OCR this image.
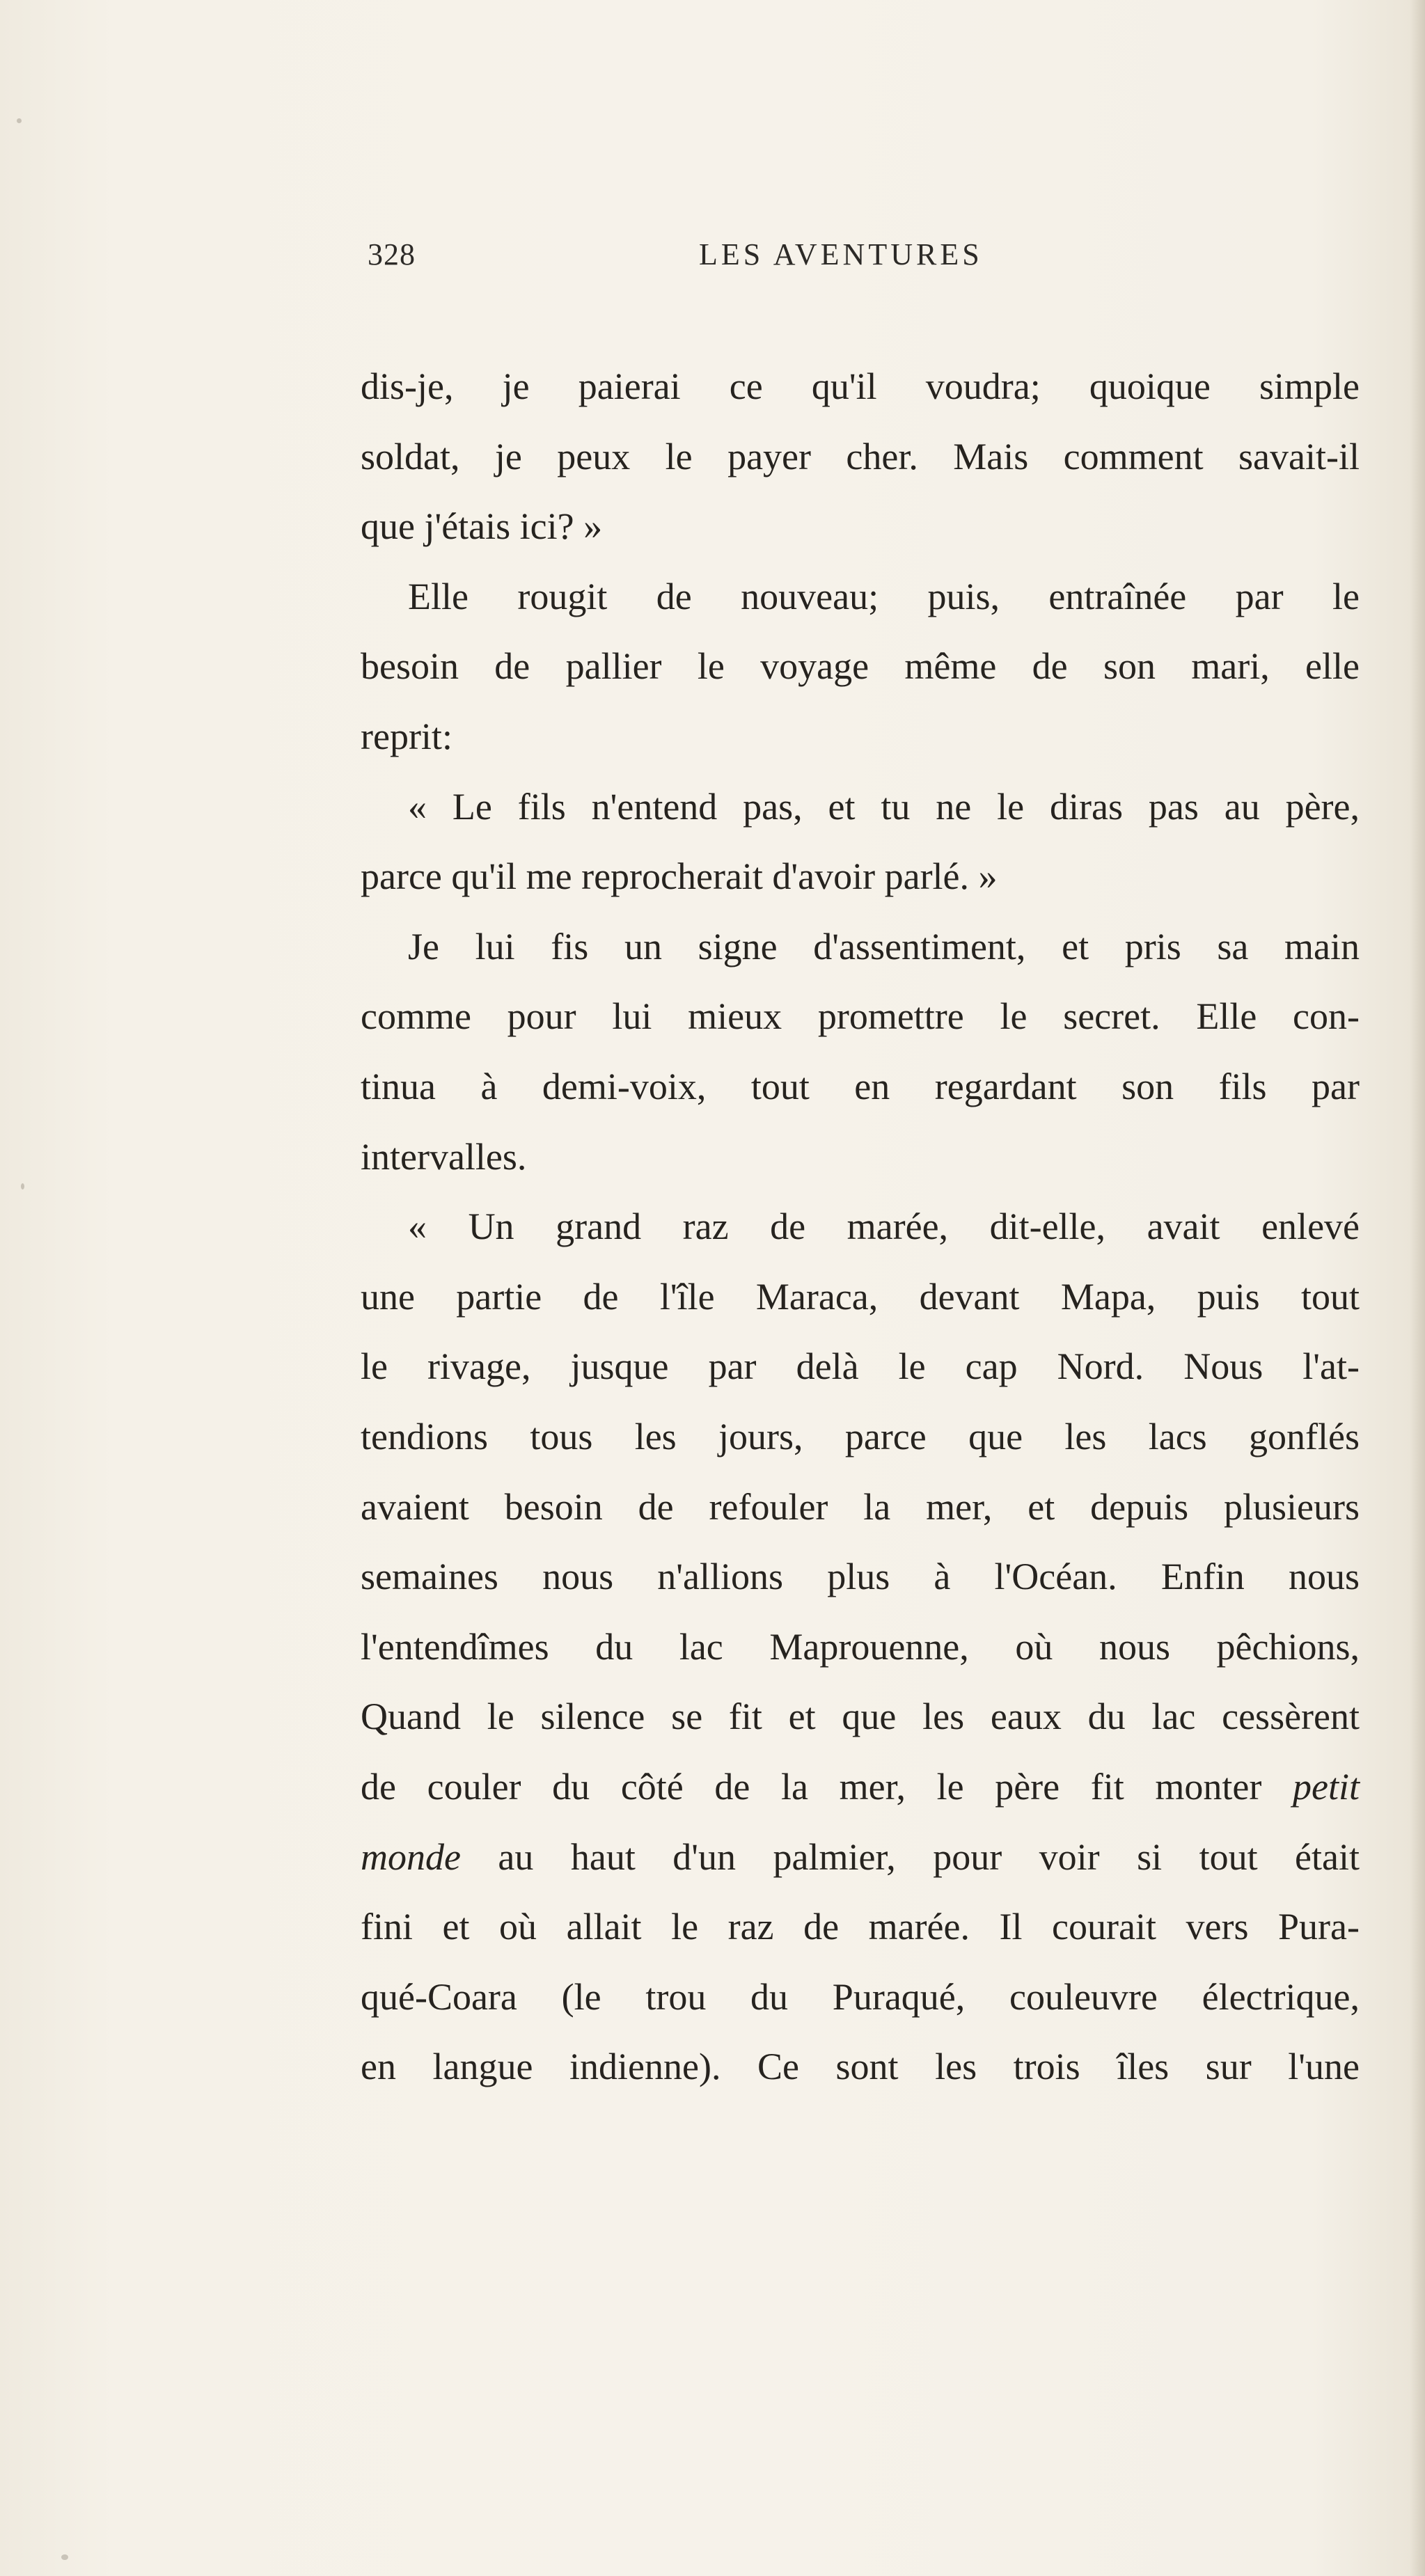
328	LES AVENTURES
dis-je, je paierai ce qu'il voudra; quoique simple
soldat, je peux le payer cher. Mais comment savait-il
que j'étais ici? »
Elle rougit de nouveau; puis, entraînée par le
besoin de pallier le voyage même de son mari, elle
reprit:
« Le fils n'entend pas, et tu ne le diras pas au père,
parce qu'il me reprocherait d'avoir parlé. »
Je lui fis un signe d'assentiment, et pris sa main
comme pour lui mieux promettre le secret. Elle con-
tinua à demi-voix, tout en regardant son fils par
intervalles.
« Un grand raz de marée, dit-elle, avait enlevé
une partie de l'île Maraca, devant Mapa, puis tout
le rivage, jusque par delà le cap Nord. Nous l'at-
tendions tous les jours, parce que les lacs gonflés
avaient besoin de refouler la mer, et depuis plusieurs
semaines nous n'allions plus à l'Océan. Enfin nous
l'entendîmes du lac Maprouenne, où nous pêchions,
Quand le silence se fit et que les eaux du lac cessèrent
de couler du côté de la mer, le père fit monter petit
monde au haut d'un palmier, pour voir si tout était
fini et où allait le raz de marée. Il courait vers Pura-
qué-Coara (le trou du Puraqué, couleuvre électrique,
en langue indienne). Ce sont les trois îles sur l'une
